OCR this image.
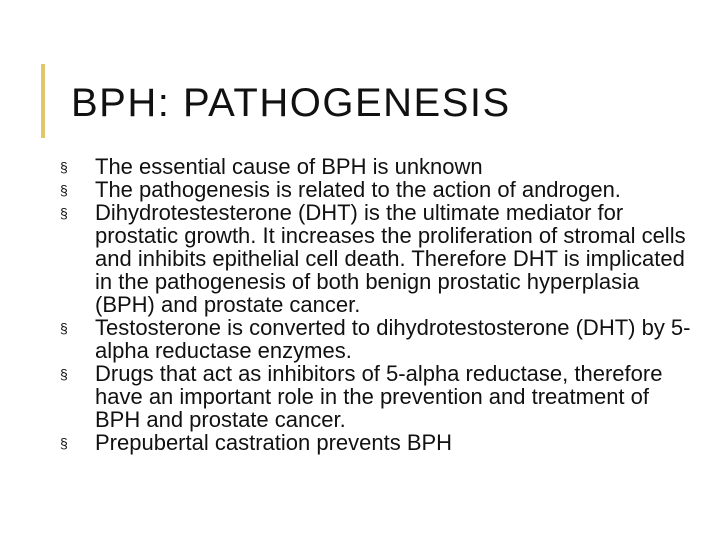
BPH: PATHOGENESIS
§ The essential cause of BPH is unknown
§ The pathogenesis is related to the action of androgen.
§ Dihydrotestesterone (DHT) is the ultimate mediator for prostatic growth. It increases the proliferation of stromal cells and inhibits epithelial cell death. Therefore DHT is implicated in the pathogenesis of both benign prostatic hyperplasia (BPH) and prostate cancer.
§ Testosterone is converted to dihydrotestosterone (DHT) by 5-alpha reductase enzymes.
§ Drugs that act as inhibitors of 5-alpha reductase, therefore have an important role in the prevention and treatment of BPH and prostate cancer.
§ Prepubertal castration prevents BPH
